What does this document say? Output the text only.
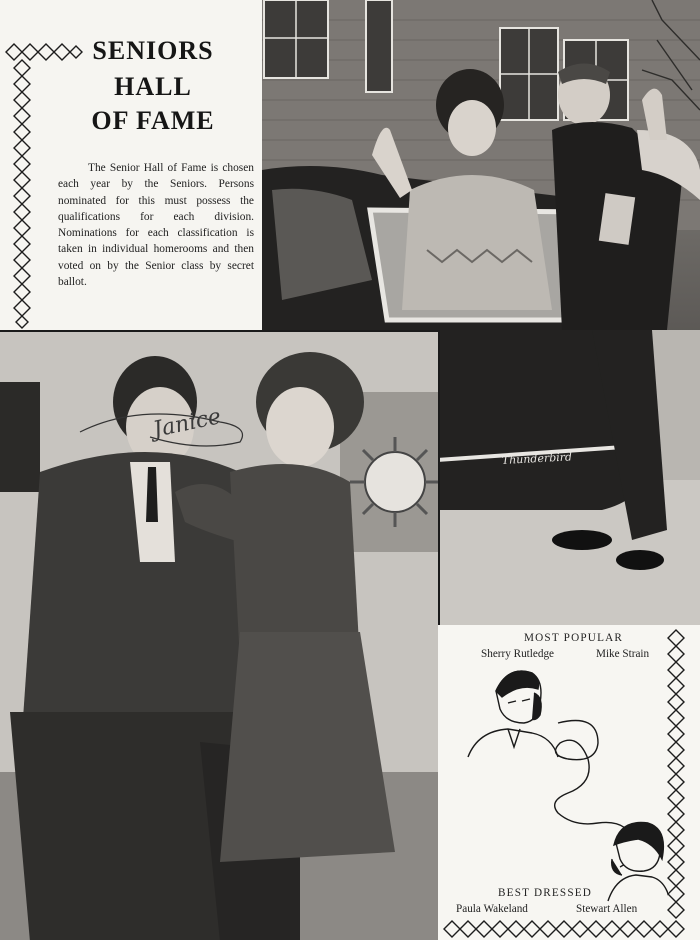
SENIORS
HALL
OF FAME

The Senior Hall of Fame is chosen each year by the Seniors. Persons nominated for this must possess the qualifications for each division. Nominations for each classification is taken in individual homerooms and then voted on by the Senior class by secret ballot.

Thunderbird
Janice
MOST POPULAR
Sherry Rutledge	Mike Strain
BEST DRESSED
Paula Wakeland	Stewart Allen
